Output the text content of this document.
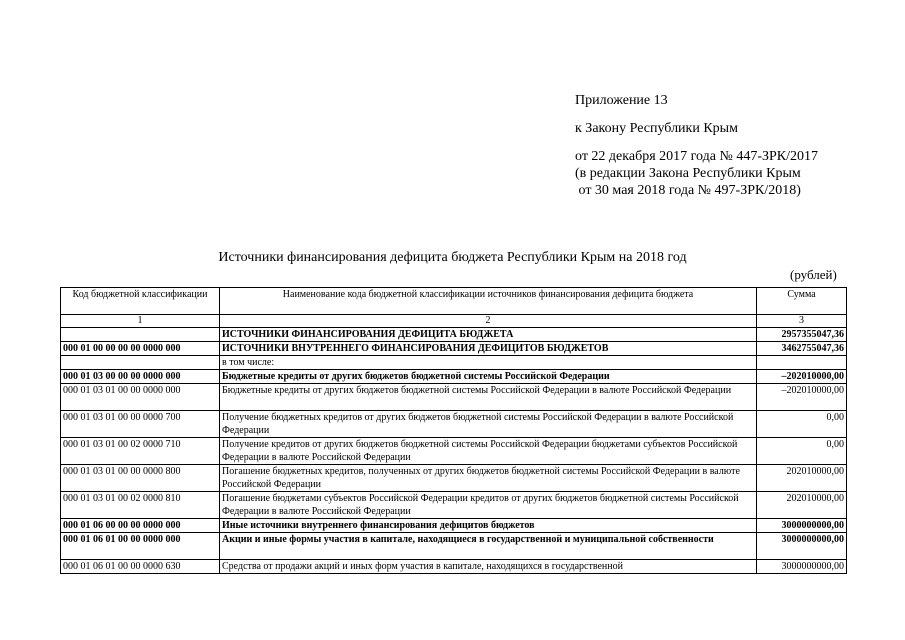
Приложение 13
к Закону Республики Крым
от 22 декабря 2017 года № 447-ЗРК/2017
(в редакции Закона Республики Крым
от 30 мая 2018 года № 497-ЗРК/2018)
Источники финансирования дефицита бюджета Республики Крым на 2018 год
(рублей)
Код бюджетной классификации	Наименование кода бюджетной классификации источников финансирования дефицита бюджета	Сумма
1	2	3
	ИСТОЧНИКИ ФИНАНСИРОВАНИЯ ДЕФИЦИТА БЮДЖЕТА	2957355047,36
000 01 00 00 00 00 0000 000	ИСТОЧНИКИ ВНУТРЕННЕГО ФИНАНСИРОВАНИЯ ДЕФИЦИТОВ БЮДЖЕТОВ	3462755047,36
	в том числе:	
000 01 03 00 00 00 0000 000	Бюджетные кредиты от других бюджетов бюджетной системы Российской Федерации	–202010000,00
000 01 03 01 00 00 0000 000	Бюджетные кредиты от других бюджетов бюджетной системы Российской Федерации в валюте Российской Федерации	–202010000,00
000 01 03 01 00 00 0000 700	Получение бюджетных кредитов от других бюджетов бюджетной системы Российской Федерации в валюте Российской Федерации	0,00
000 01 03 01 00 02 0000 710	Получение кредитов от других бюджетов бюджетной системы Российской Федерации бюджетами субъектов Российской Федерации в валюте Российской Федерации	0,00
000 01 03 01 00 00 0000 800	Погашение бюджетных кредитов, полученных от других бюджетов бюджетной системы Российской Федерации в валюте Российской Федерации	202010000,00
000 01 03 01 00 02 0000 810	Погашение бюджетами субъектов Российской Федерации кредитов от других бюджетов бюджетной системы Российской Федерации в валюте Российской Федерации	202010000,00
000 01 06 00 00 00 0000 000	Иные источники внутреннего финансирования дефицитов бюджетов	3000000000,00
000 01 06 01 00 00 0000 000	Акции и иные формы участия в капитале, находящиеся в государственной и муниципальной собственности	3000000000,00
000 01 06 01 00 00 0000 630	Средства от продажи акций и иных форм участия в капитале, находящихся в государственной	3000000000,00
